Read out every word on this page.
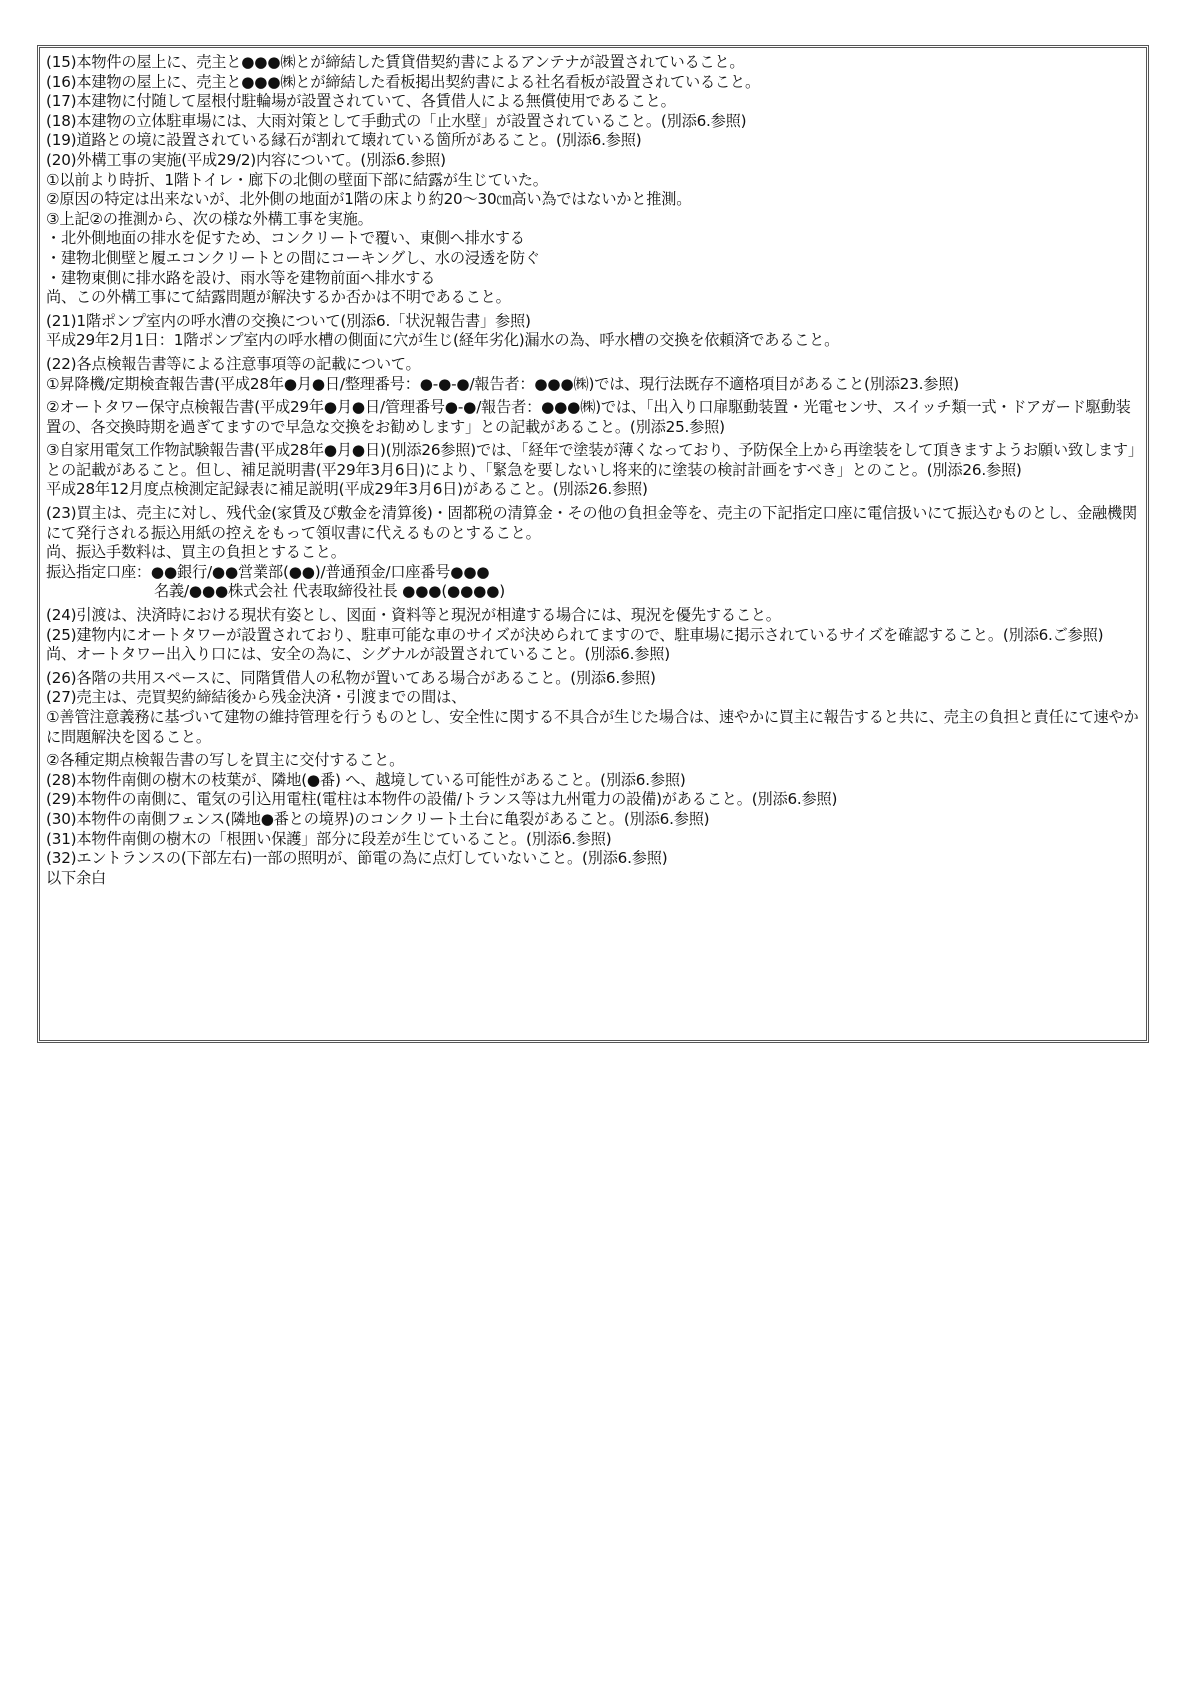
(15)本物件の屋上に、売主と●●●㈱とが締結した賃貸借契約書によるアンテナが設置されていること。
(16)本建物の屋上に、売主と●●●㈱とが締結した看板掲出契約書による社名看板が設置されていること。
(17)本建物に付随して屋根付駐輪場が設置されていて、各賃借人による無償使用であること。
(18)本建物の立体駐車場には、大雨対策として手動式の「止水壁」が設置されていること。(別添6.参照)
(19)道路との境に設置されている縁石が割れて壊れている箇所があること。(別添6.参照)
(20)外構工事の実施(平成29/2)内容について。(別添6.参照)
①以前より時折、1階トイレ・廊下の北側の壁面下部に結露が生じていた。
②原因の特定は出来ないが、北外側の地面が1階の床より約20～30㎝高い為ではないかと推測。
③上記②の推測から、次の様な外構工事を実施。
・北外側地面の排水を促すため、コンクリートで覆い、東側へ排水する
・建物北側壁と履エコンクリートとの間にコーキングし、水の浸透を防ぐ
・建物東側に排水路を設け、雨水等を建物前面へ排水する
尚、この外構工事にて結露問題が解決するか否かは不明であること。
(21)1階ポンプ室内の呼水漕の交換について(別添6.「状況報告書」参照)
平成29年2月1日：1階ポンプ室内の呼水槽の側面に穴が生じ(経年劣化)漏水の為、呼水槽の交換を依頼済であること。
(22)各点検報告書等による注意事項等の記載について。
①昇降機/定期検査報告書(平成28年●月●日/整理番号：●-●-●/報告者：●●●㈱)では、現行法既存不適格項目があること(別添23.参照)
②オートタワー保守点検報告書(平成29年●月●日/管理番号●-●/報告者：●●●㈱)では、「出入り口扉駆動装置・光電センサ、スイッチ類一式・ドアガード駆動装置の、各交換時期を過ぎてますので早急な交換をお勧めします」との記載があること。(別添25.参照)
③自家用電気工作物試験報告書(平成28年●月●日)(別添26参照)では、「経年で塗装が薄くなっており、予防保全上から再塗装をして頂きますようお願い致します」との記載があること。但し、補足説明書(平29年3月6日)により、「緊急を要しないし将来的に塗装の検討計画をすべき」とのこと。(別添26.参照)
平成28年12月度点検測定記録表に補足説明(平成29年3月6日)があること。(別添26.参照)
(23)買主は、売主に対し、残代金(家賃及び敷金を清算後)・固都税の清算金・その他の負担金等を、売主の下記指定口座に電信扱いにて振込むものとし、金融機関にて発行される振込用紙の控えをもって領収書に代えるものとすること。
尚、振込手数料は、買主の負担とすること。
振込指定口座：●●銀行/●●営業部(●●)/普通預金/口座番号●●●
名義/●●●株式会社 代表取締役社長 ●●●(●●●●)
(24)引渡は、決済時における現状有姿とし、図面・資料等と現況が相違する場合には、現況を優先すること。
(25)建物内にオートタワーが設置されており、駐車可能な車のサイズが決められてますので、駐車場に掲示されているサイズを確認すること。(別添6.ご参照)
尚、オートタワー出入り口には、安全の為に、シグナルが設置されていること。(別添6.参照)
(26)各階の共用スペースに、同階賃借人の私物が置いてある場合があること。(別添6.参照)
(27)売主は、売買契約締結後から残金決済・引渡までの間は、
①善管注意義務に基づいて建物の維持管理を行うものとし、安全性に関する不具合が生じた場合は、速やかに買主に報告すると共に、売主の負担と責任にて速やかに問題解決を図ること。
②各種定期点検報告書の写しを買主に交付すること。
(28)本物件南側の樹木の枝葉が、隣地(●番) へ、越境している可能性があること。(別添6.参照)
(29)本物件の南側に、電気の引込用電柱(電柱は本物件の設備/トランス等は九州電力の設備)があること。(別添6.参照)
(30)本物件の南側フェンス(隣地●番との境界)のコンクリート土台に亀裂があること。(別添6.参照)
(31)本物件南側の樹木の「根囲い保護」部分に段差が生じていること。(別添6.参照)
(32)エントランスの(下部左右)一部の照明が、節電の為に点灯していないこと。(別添6.参照)
以下余白
